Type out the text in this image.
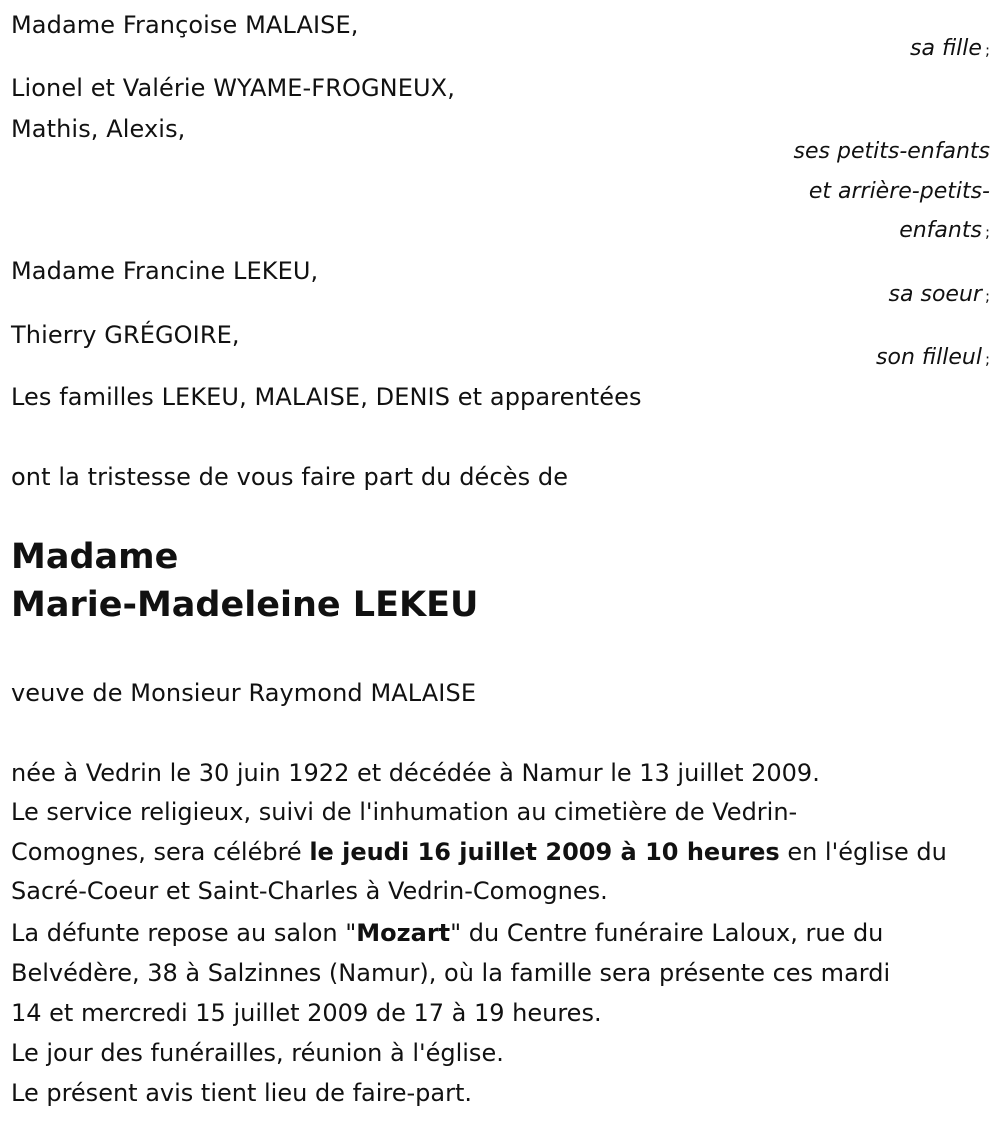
Madame Françoise MALAISE,
sa fille ;
Lionel et Valérie WYAME-FROGNEUX,
Mathis, Alexis,
ses petits-enfants
et arrière-petits-
enfants ;
Madame Francine LEKEU,
sa soeur ;
Thierry GRÉGOIRE,
son filleul ;
Les familles LEKEU, MALAISE, DENIS et apparentées
ont la tristesse de vous faire part du décès de
Madame
Marie-Madeleine LEKEU
veuve de Monsieur Raymond MALAISE
née à Vedrin le 30 juin 1922 et décédée à Namur le 13 juillet 2009.
Le service religieux, suivi de l'inhumation au cimetière de Vedrin-
Comognes, sera célébré le jeudi 16 juillet 2009 à 10 heures en l'église du
Sacré-Coeur et Saint-Charles à Vedrin-Comognes.
La défunte repose au salon "Mozart" du Centre funéraire Laloux, rue du
Belvédère, 38 à Salzinnes (Namur), où la famille sera présente ces mardi
14 et mercredi 15 juillet 2009 de 17 à 19 heures.
Le jour des funérailles, réunion à l'église.
Le présent avis tient lieu de faire-part.
